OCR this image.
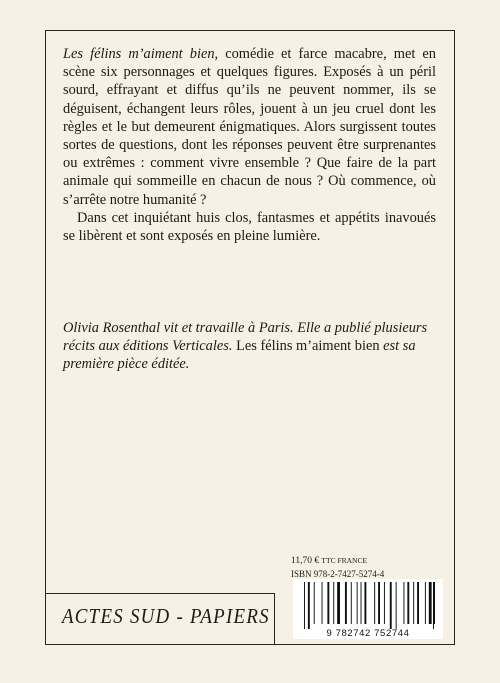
Les félins m’aiment bien, comédie et farce macabre, met en scène six personnages et quelques figures. Exposés à un péril sourd, effrayant et diffus qu’ils ne peuvent nommer, ils se déguisent, échangent leurs rôles, jouent à un jeu cruel dont les règles et le but demeurent énigmatiques. Alors surgissent toutes sortes de questions, dont les réponses peuvent être surprenantes ou extrêmes : comment vivre ensemble ? Que faire de la part animale qui sommeille en chacun de nous ? Où commence, où s’arrête notre humanité ?

Dans cet inquiétant huis clos, fantasmes et appétits inavoués se libèrent et sont exposés en pleine lumière.

Olivia Rosenthal vit et travaille à Paris. Elle a publié plusieurs récits aux éditions Verticales. Les félins m’aiment bien est sa première pièce éditée.

11,70 € TTC FRANCE
ISBN 978-2-7427-5274-4
ACTES SUD - PAPIERS
9 782742 752744
